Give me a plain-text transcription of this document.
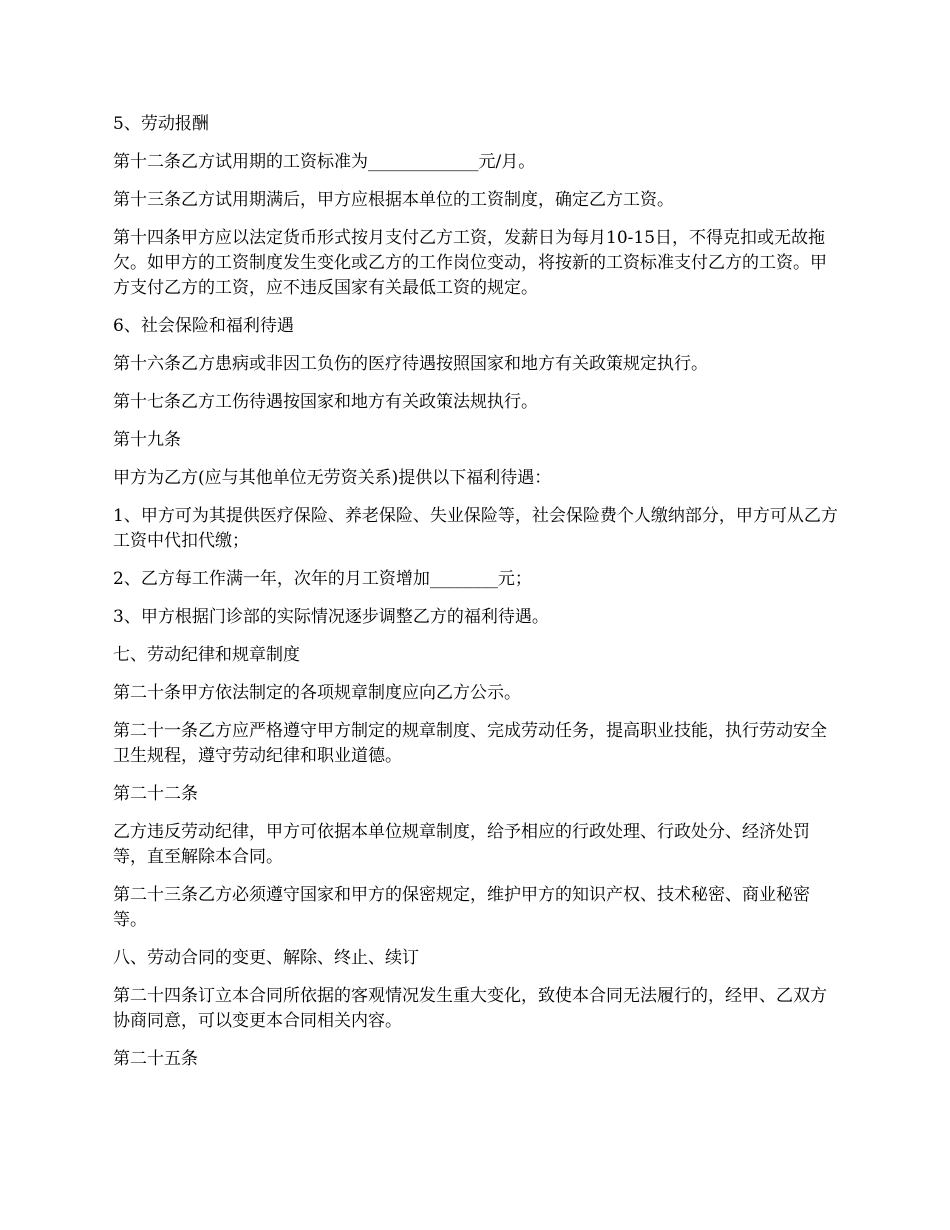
5、劳动报酬

第十二条乙方试用期的工资标准为_____________元/月。

第十三条乙方试用期满后，甲方应根据本单位的工资制度，确定乙方工资。

第十四条甲方应以法定货币形式按月支付乙方工资，发薪日为每月10-15日，不得克扣或无故拖欠。如甲方的工资制度发生变化或乙方的工作岗位变动，将按新的工资标准支付乙方的工资。甲方支付乙方的工资，应不违反国家有关最低工资的规定。

6、社会保险和福利待遇

第十六条乙方患病或非因工负伤的医疗待遇按照国家和地方有关政策规定执行。

第十七条乙方工伤待遇按国家和地方有关政策法规执行。

第十九条

甲方为乙方(应与其他单位无劳资关系)提供以下福利待遇：

1、甲方可为其提供医疗保险、养老保险、失业保险等，社会保险费个人缴纳部分，甲方可从乙方工资中代扣代缴；

2、乙方每工作满一年，次年的月工资增加________元；

3、甲方根据门诊部的实际情况逐步调整乙方的福利待遇。

七、劳动纪律和规章制度

第二十条甲方依法制定的各项规章制度应向乙方公示。

第二十一条乙方应严格遵守甲方制定的规章制度、完成劳动任务，提高职业技能，执行劳动安全卫生规程，遵守劳动纪律和职业道德。

第二十二条

乙方违反劳动纪律，甲方可依据本单位规章制度，给予相应的行政处理、行政处分、经济处罚等，直至解除本合同。

第二十三条乙方必须遵守国家和甲方的保密规定，维护甲方的知识产权、技术秘密、商业秘密等。

八、劳动合同的变更、解除、终止、续订

第二十四条订立本合同所依据的客观情况发生重大变化，致使本合同无法履行的，经甲、乙双方协商同意，可以变更本合同相关内容。

第二十五条
